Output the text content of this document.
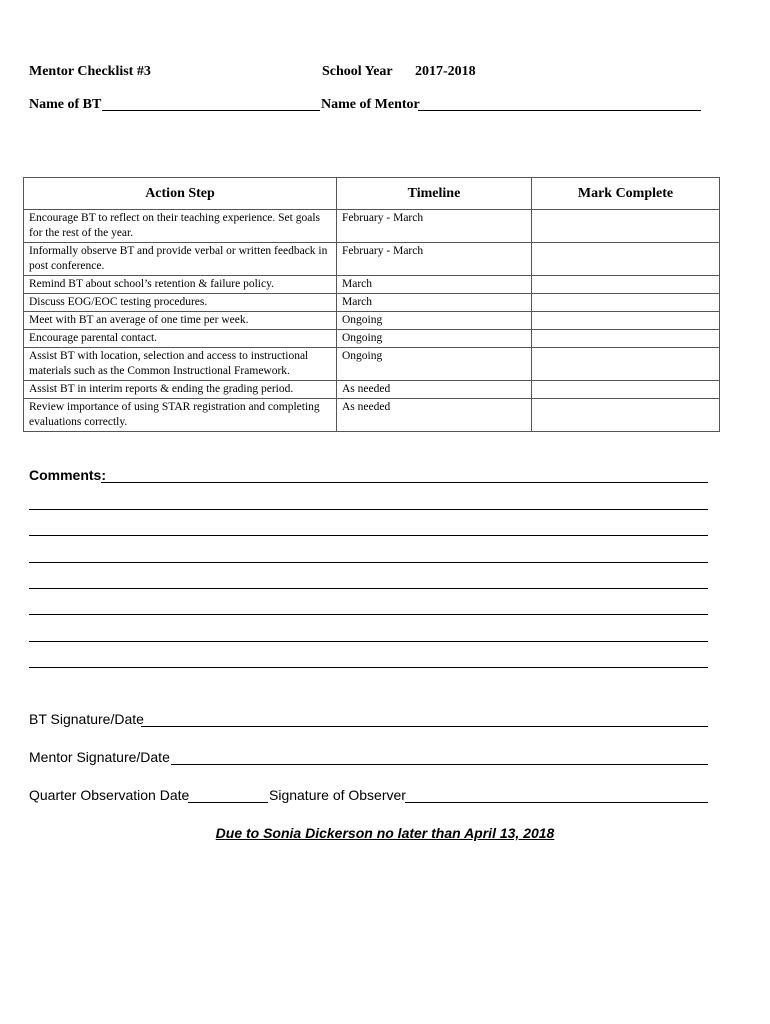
Mentor Checklist #3	School Year 2017-2018
Name of BT	Name of Mentor
Action Step	Timeline	Mark Complete
Encourage BT to reflect on their teaching experience. Set goals for the rest of the year.	February - March	
Informally observe BT and provide verbal or written feedback in post conference.	February - March	
Remind BT about school’s retention & failure policy.	March	
Discuss EOG/EOC testing procedures.	March	
Meet with BT an average of one time per week.	Ongoing	
Encourage parental contact.	Ongoing	
Assist BT with location, selection and access to instructional materials such as the Common Instructional Framework.	Ongoing	
Assist BT in interim reports & ending the grading period.	As needed	
Review importance of using STAR registration and completing evaluations correctly.	As needed	
Comments:
BT Signature/Date
Mentor Signature/Date
Quarter Observation Date	Signature of Observer
Due to Sonia Dickerson no later than April 13, 2018
